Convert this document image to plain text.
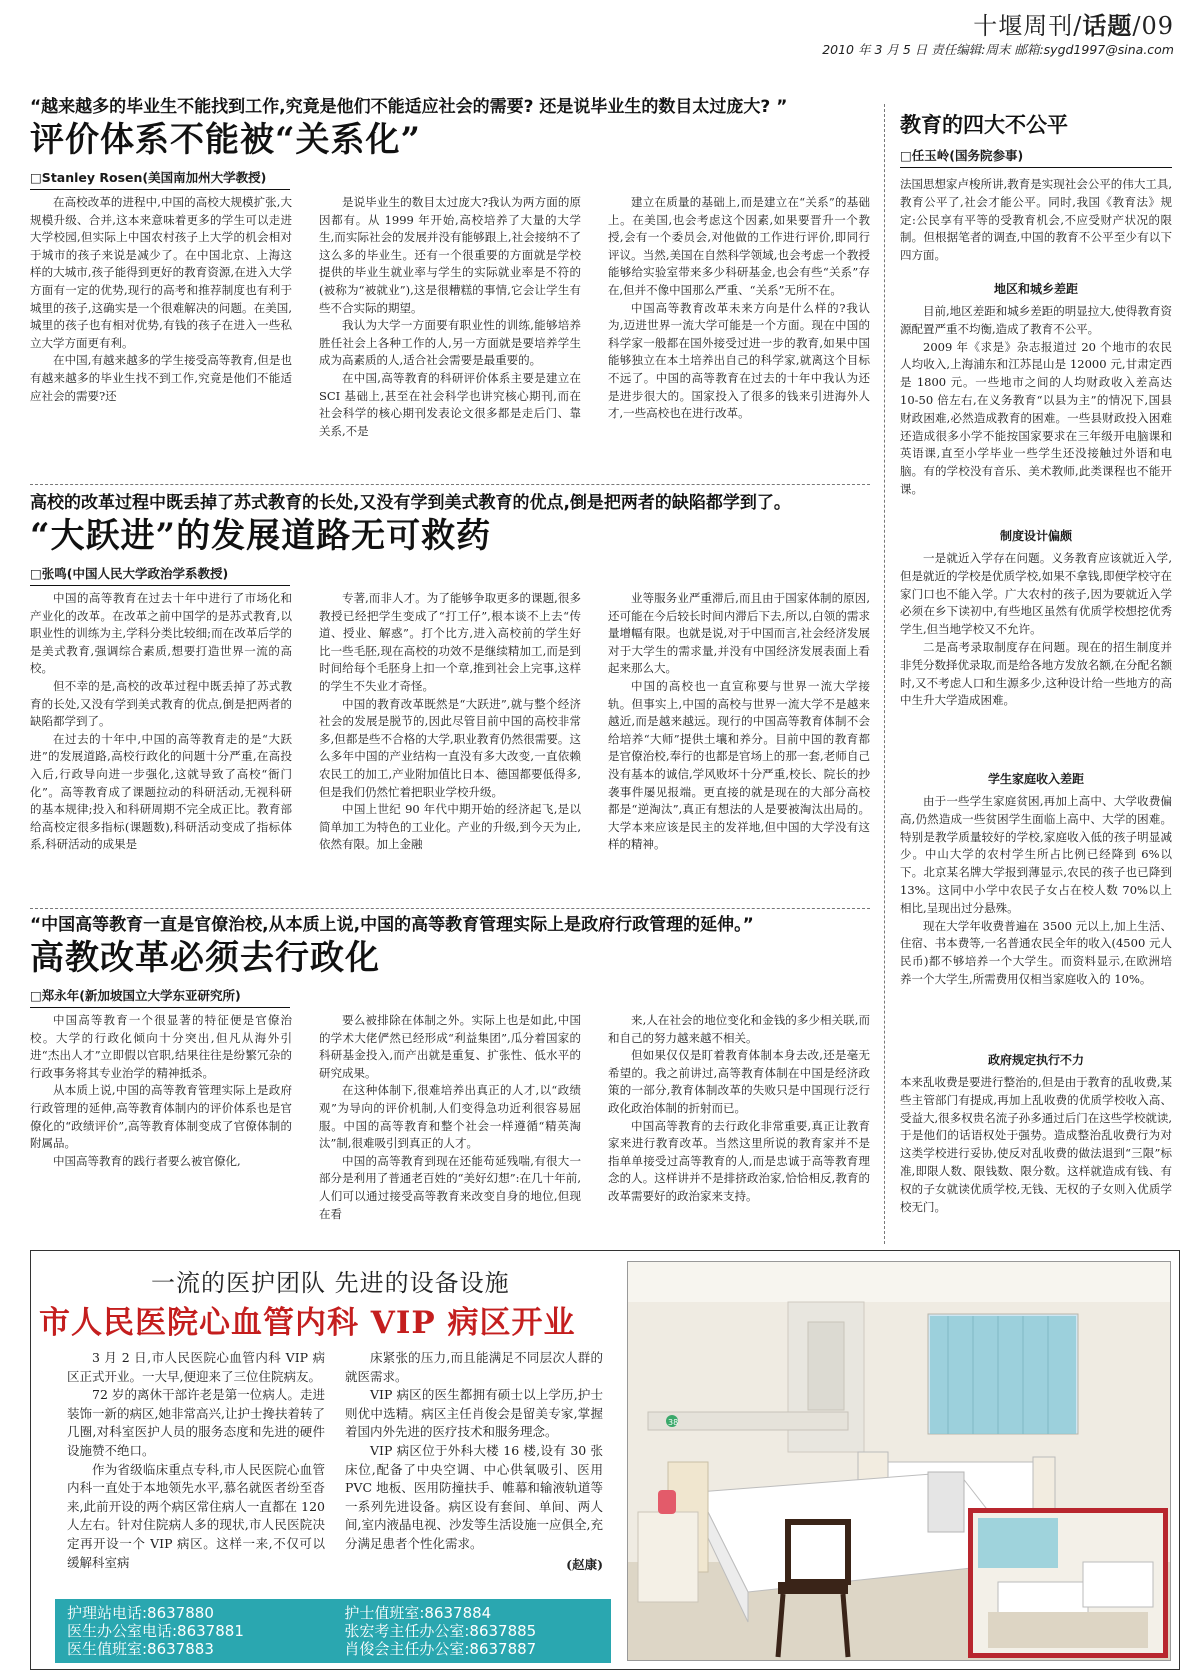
十堰周刊/话题/09
2010 年 3 月 5 日 责任编辑:周末 邮箱:sygd1997@sina.com
“越来越多的毕业生不能找到工作,究竟是他们不能适应社会的需要? 还是说毕业生的数目太过庞大? ”
评价体系不能被“关系化”
□Stanley Rosen(美国南加州大学教授)

在高校改革的进程中,中国的高校大规模扩张,大规模升级、合并,这本来意味着更多的学生可以走进大学校园,但实际上中国农村孩子上大学的机会相对于城市的孩子来说是减少了。在中国北京、上海这样的大城市,孩子能得到更好的教育资源,在进入大学方面有一定的优势,现行的高考和推荐制度也有利于城里的孩子,这确实是一个很难解决的问题。在美国,城里的孩子也有相对优势,有钱的孩子在进入一些私立大学方面更有利。

在中国,有越来越多的学生接受高等教育,但是也有越来越多的毕业生找不到工作,究竟是他们不能适应社会的需要?还

是说毕业生的数目太过庞大?我认为两方面的原因都有。从 1999 年开始,高校培养了大量的大学生,而实际社会的发展并没有能够跟上,社会接纳不了这么多的毕业生。还有一个很重要的方面就是学校提供的毕业生就业率与学生的实际就业率是不符的(被称为“被就业”),这是很糟糕的事情,它会让学生有些不合实际的期望。

我认为大学一方面要有职业性的训练,能够培养胜任社会上各种工作的人,另一方面就是要培养学生成为高素质的人,适合社会需要是最重要的。

在中国,高等教育的科研评价体系主要是建立在SCI 基础上,甚至在社会科学也讲究核心期刊,而在社会科学的核心期刊发表论文很多都是走后门、靠关系,不是

建立在质量的基础上,而是建立在“关系”的基础上。在美国,也会考虑这个因素,如果要晋升一个教授,会有一个委员会,对他做的工作进行评价,即同行评议。当然,美国在自然科学领域,也会考虑一个教授能够给实验室带来多少科研基金,也会有些“关系”存在,但并不像中国那么严重、“关系”无所不在。

中国高等教育改革未来方向是什么样的?我认为,迈进世界一流大学可能是一个方面。现在中国的科学家一般都在国外接受过进一步的教育,如果中国能够独立在本土培养出自己的科学家,就离这个目标不远了。中国的高等教育在过去的十年中我认为还是进步很大的。国家投入了很多的钱来引进海外人才,一些高校也在进行改革。

高校的改革过程中既丢掉了苏式教育的长处,又没有学到美式教育的优点,倒是把两者的缺陷都学到了。
“大跃进”的发展道路无可救药
□张鸣(中国人民大学政治学系教授)

中国的高等教育在过去十年中进行了市场化和产业化的改革。在改革之前中国学的是苏式教育,以职业性的训练为主,学科分类比较细;而在改革后学的是美式教育,强调综合素质,想要打造世界一流的高校。

但不幸的是,高校的改革过程中既丢掉了苏式教育的长处,又没有学到美式教育的优点,倒是把两者的缺陷都学到了。

在过去的十年中,中国的高等教育走的是“大跃进”的发展道路,高校行政化的问题十分严重,在高投入后,行政导向进一步强化,这就导致了高校“衙门化”。高等教育成了课题拉动的科研活动,无视科研的基本规律;投入和科研周期不完全成正比。教育部给高校定很多指标(课题数),科研活动变成了指标体系,科研活动的成果是

专著,而非人才。为了能够争取更多的课题,很多教授已经把学生变成了“打工仔”,根本谈不上去“传道、授业、解惑”。打个比方,进入高校前的学生好比一些毛胚,现在高校的功效不是继续精加工,而是到时间给每个毛胚身上扣一个章,推到社会上完事,这样的学生不失业才奇怪。

中国的教育改革既然是“大跃进”,就与整个经济社会的发展是脱节的,因此尽管目前中国的高校非常多,但都是些不合格的大学,职业教育仍然很需要。这么多年中国的产业结构一直没有多大改变,一直依赖农民工的加工,产业附加值比日本、德国都要低得多,但是我们仍然忙着把职业学校升级。

中国上世纪 90 年代中期开始的经济起飞,是以简单加工为特色的工业化。产业的升级,到今天为止,依然有限。加上金融

业等服务业严重滞后,而且由于国家体制的原因,还可能在今后较长时间内滞后下去,所以,白领的需求量增幅有限。也就是说,对于中国而言,社会经济发展对于大学生的需求量,并没有中国经济发展表面上看起来那么大。

中国的高校也一直宣称要与世界一流大学接轨。但事实上,中国的高校与世界一流大学不是越来越近,而是越来越远。现行的中国高等教育体制不会给培养“大师”提供土壤和养分。目前中国的教育都是官僚治校,奉行的也都是官场上的那一套,老师自己没有基本的诚信,学风败坏十分严重,校长、院长的抄袭事件屡见报端。更直接的就是现在的大部分高校都是“逆淘汰”,真正有想法的人是要被淘汰出局的。大学本来应该是民主的发祥地,但中国的大学没有这样的精神。

“中国高等教育一直是官僚治校,从本质上说,中国的高等教育管理实际上是政府行政管理的延伸。”
高教改革必须去行政化
□郑永年(新加坡国立大学东亚研究所)

中国高等教育一个很显著的特征便是官僚治校。大学的行政化倾向十分突出,但凡从海外引进“杰出人才”立即假以官职,结果往往是纷繁冗杂的行政事务将其专业治学的精神抵杀。

从本质上说,中国的高等教育管理实际上是政府行政管理的延伸,高等教育体制内的评价体系也是官僚化的“政绩评价”,高等教育体制变成了官僚体制的附属品。

中国高等教育的践行者要么被官僚化,

要么被排除在体制之外。实际上也是如此,中国的学术大佬俨然已经形成“利益集团”,瓜分着国家的科研基金投入,而产出就是重复、扩张性、低水平的研究成果。

在这种体制下,很难培养出真正的人才,以“政绩观”为导向的评价机制,人们变得急功近利很容易屈服。中国的高等教育和整个社会一样遵循“精英淘汰”制,很难吸引到真正的人才。

中国的高等教育到现在还能苟延残喘,有很大一部分是利用了普通老百姓的“美好幻想”:在几十年前,人们可以通过接受高等教育来改变自身的地位,但现在看

来,人在社会的地位变化和金钱的多少相关联,而和自己的努力越来越不相关。

但如果仅仅是盯着教育体制本身去改,还是毫无希望的。我之前讲过,高等教育体制在中国是经济政策的一部分,教育体制改革的失败只是中国现行泛行政化政治体制的折射而已。

中国高等教育的去行政化非常重要,真正让教育家来进行教育改革。当然这里所说的教育家并不是指单单接受过高等教育的人,而是忠诚于高等教育理念的人。这样讲并不是排挤政治家,恰恰相反,教育的改革需要好的政治家来支持。

教育的四大不公平
□任玉岭(国务院参事)
法国思想家卢梭所讲,教育是实现社会公平的伟大工具,教育公平了,社会才能公平。同时,我国《教育法》规定:公民享有平等的受教育机会,不应受财产状况的限制。但根据笔者的调查,中国的教育不公平至少有以下四方面。
地区和城乡差距

目前,地区差距和城乡差距的明显拉大,使得教育资源配置严重不均衡,造成了教育不公平。

2009 年《求是》杂志报道过 20 个地市的农民人均收入,上海浦东和江苏昆山是 12000 元,甘肃定西是 1800 元。一些地市之间的人均财政收入差高达 10-50 倍左右,在义务教育“以县为主”的情况下,国县财政困难,必然造成教育的困难。一些县财政投入困难还造成很多小学不能按国家要求在三年级开电脑课和英语课,直至小学毕业一些学生还没接触过外语和电脑。有的学校没有音乐、美术教师,此类课程也不能开课。

制度设计偏颇

一是就近入学存在问题。义务教育应该就近入学,但是就近的学校是优质学校,如果不拿钱,即便学校守在家门口也不能入学。广大农村的孩子,因为要就近入学必须在乡下读初中,有些地区虽然有优质学校想挖优秀学生,但当地学校又不允许。

二是高考录取制度存在问题。现在的招生制度并非凭分数择优录取,而是给各地方发放名额,在分配名额时,又不考虑人口和生源多少,这种设计给一些地方的高中生升大学造成困难。

学生家庭收入差距

由于一些学生家庭贫困,再加上高中、大学收费偏高,仍然造成一些贫困学生面临上高中、大学的困难。特别是教学质量较好的学校,家庭收入低的孩子明显减少。中山大学的农村学生所占比例已经降到 6%以下。北京某名牌大学报到薄显示,农民的孩子也已降到 13%。这同中小学中农民子女占在校人数 70%以上相比,呈现出过分悬殊。

现在大学年收费普遍在 3500 元以上,加上生活、住宿、书本费等,一名普通农民全年的收入(4500 元人民币)都不够培养一个大学生。而资料显示,在欧洲培养一个大学生,所需费用仅相当家庭收入的 10%。

政府规定执行不力
本来乱收费是要进行整治的,但是由于教育的乱收费,某些主管部门有提成,再加上乱收费的优质学校收入高、受益大,很多权贵名流子孙多通过后门在这些学校就读,于是他们的话语权处于强势。造成整治乱收费行为对这类学校进行妥协,使反对乱收费的做法退到“三限”标准,即限人数、限钱数、限分数。这样就造成有钱、有权的子女就读优质学校,无钱、无权的子女则入优质学校无门。
一流的医护团队 先进的设备设施
市人民医院心血管内科 VIP 病区开业

3 月 2 日,市人民医院心血管内科 VIP 病区正式开业。一大早,便迎来了三位住院病友。

72 岁的离休干部许老是第一位病人。走进装饰一新的病区,她非常高兴,让护士搀扶着转了几圈,对科室医护人员的服务态度和先进的硬件设施赞不绝口。

作为省级临床重点专科,市人民医院心血管内科一直处于本地领先水平,慕名就医者纷至沓来,此前开设的两个病区常住病人一直都在 120 人左右。针对住院病人多的现状,市人民医院决定再开设一个 VIP 病区。这样一来,不仅可以缓解科室病

床紧张的压力,而且能满足不同层次人群的就医需求。

VIP 病区的医生都拥有硕士以上学历,护士则优中选精。病区主任肖俊会是留美专家,掌握着国内外先进的医疗技术和服务理念。

VIP 病区位于外科大楼 16 楼,设有 30 张床位,配备了中央空调、中心供氧吸引、医用 PVC 地板、医用防撞扶手、帷幕和输液轨道等一系列先进设备。病区设有套间、单间、两人间,室内液晶电视、沙发等生活设施一应俱全,充分满足患者个性化需求。

(赵康)

护理站电话:8637880	护士值班室:8637884
医生办公室电话:8637881	张宏考主任办公室:8637885
医生值班室:8637883	肖俊会主任办公室:8637887
38
